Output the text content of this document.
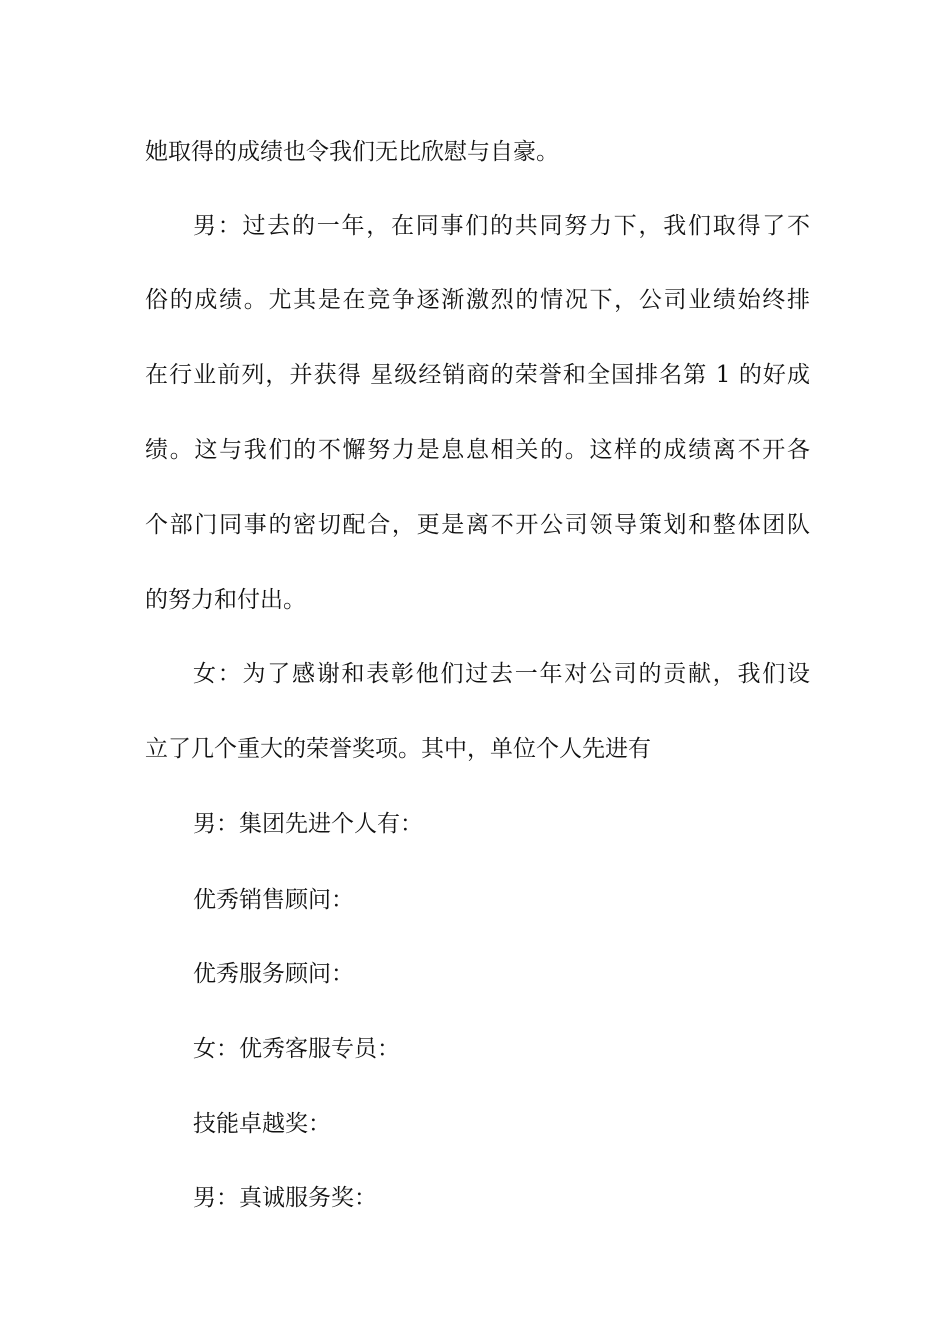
她取得的成绩也令我们无比欣慰与自豪。
男：过去的一年，在同事们的共同努力下，我们取得了不
俗的成绩。尤其是在竞争逐渐激烈的情况下，公司业绩始终排
在行业前列，并获得 星级经销商的荣誉和全国排名第 1 的好成
绩。这与我们的不懈努力是息息相关的。这样的成绩离不开各
个部门同事的密切配合，更是离不开公司领导策划和整体团队
的努力和付出。
女：为了感谢和表彰他们过去一年对公司的贡献，我们设
立了几个重大的荣誉奖项。其中，单位个人先进有
男：集团先进个人有：
优秀销售顾问：
优秀服务顾问：
女：优秀客服专员：
技能卓越奖：
男：真诚服务奖：
